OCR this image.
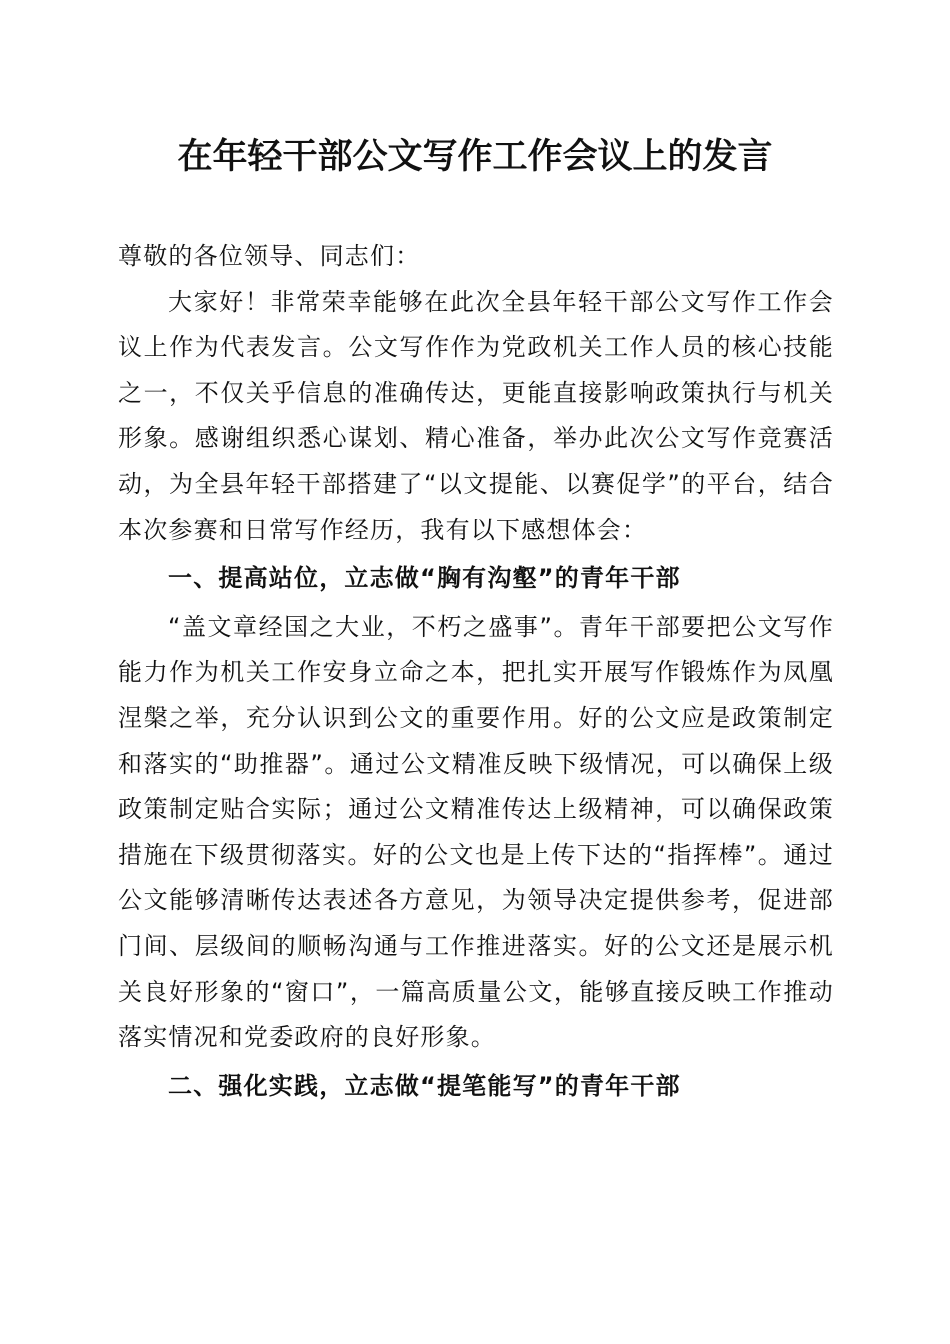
在年轻干部公文写作工作会议上的发言

尊敬的各位领导、同志们：

大家好！非常荣幸能够在此次全县年轻干部公文写作工作会议上作为代表发言。公文写作作为党政机关工作人员的核心技能之一，不仅关乎信息的准确传达，更能直接影响政策执行与机关形象。感谢组织悉心谋划、精心准备，举办此次公文写作竞赛活动，为全县年轻干部搭建了“以文提能、以赛促学”的平台，结合本次参赛和日常写作经历，我有以下感想体会：

一、提高站位，立志做“胸有沟壑”的青年干部

“盖文章经国之大业，不朽之盛事”。青年干部要把公文写作能力作为机关工作安身立命之本，把扎实开展写作锻炼作为凤凰涅槃之举，充分认识到公文的重要作用。好的公文应是政策制定和落实的“助推器”。通过公文精准反映下级情况，可以确保上级政策制定贴合实际；通过公文精准传达上级精神，可以确保政策措施在下级贯彻落实。好的公文也是上传下达的“指挥棒”。通过公文能够清晰传达表述各方意见，为领导决定提供参考，促进部门间、层级间的顺畅沟通与工作推进落实。好的公文还是展示机关良好形象的“窗口”，一篇高质量公文，能够直接反映工作推动落实情况和党委政府的良好形象。

二、强化实践，立志做“提笔能写”的青年干部
